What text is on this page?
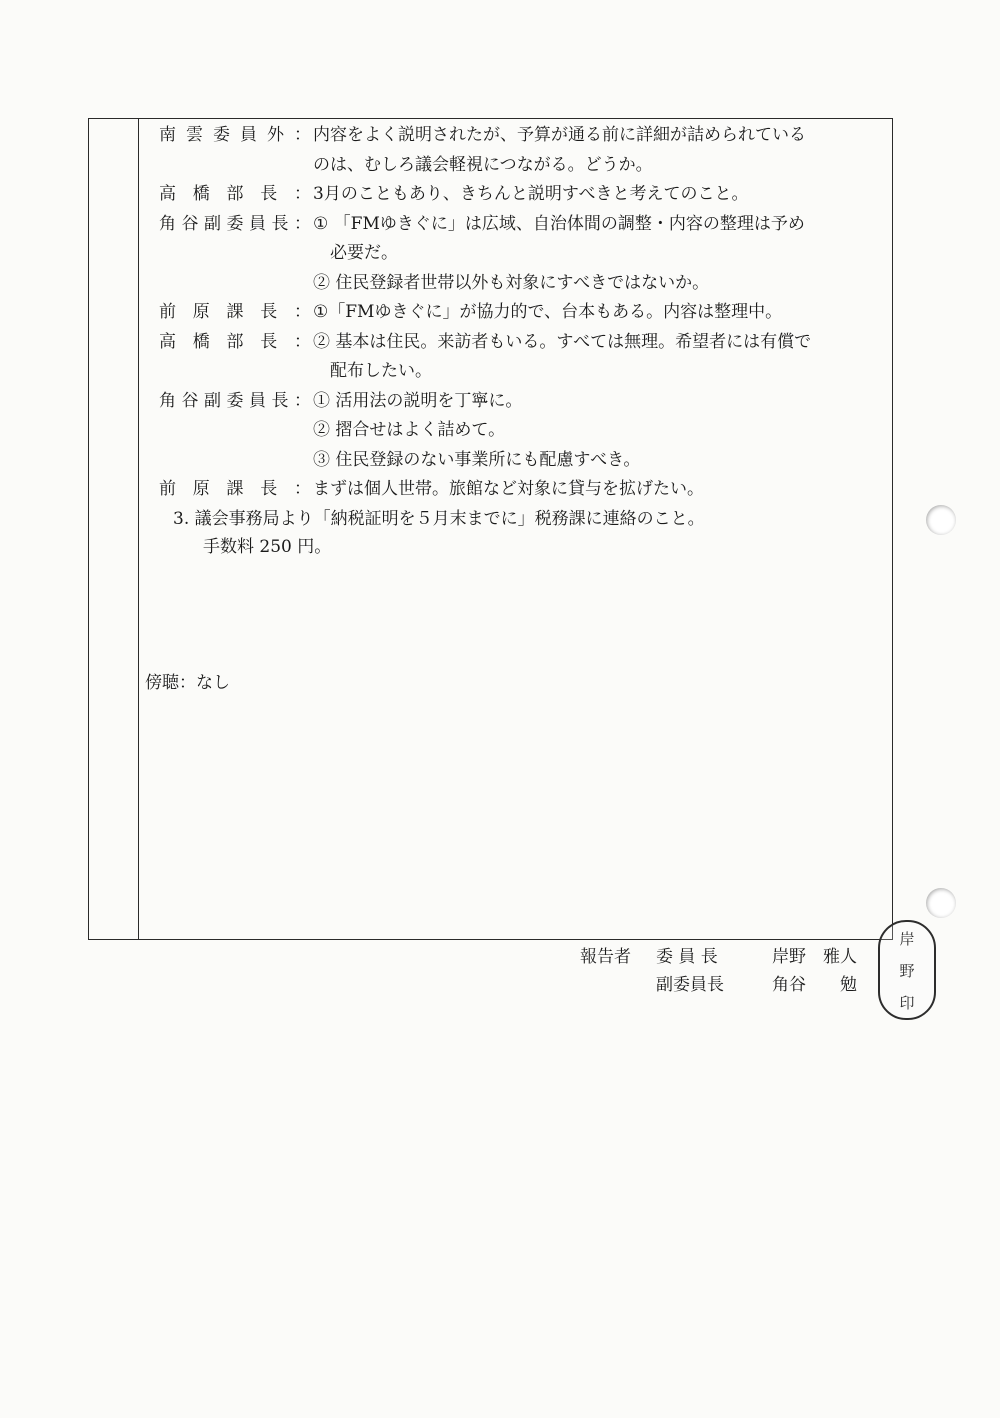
南 雲 委 員 外 ： 内容をよく説明されたが、予算が通る前に詳細が詰められている
のは、むしろ議会軽視につながる。どうか。
高 橋 部 長 ： 3月のこともあり、きちんと説明すべきと考えてのこと。
角 谷 副 委 員 長 ： ① 「FMゆきぐに」は広域、自治体間の調整・内容の整理は予め
　必要だ。
② 住民登録者世帯以外も対象にすべきではないか。
前 原 課 長 ： ①「FMゆきぐに」が協力的で、台本もある。内容は整理中。
高 橋 部 長 ： ② 基本は住民。来訪者もいる。すべては無理。希望者には有償で
　配布したい。
角 谷 副 委 員 長 ： ① 活用法の説明を丁寧に。
② 摺合せはよく詰めて。
③ 住民登録のない事業所にも配慮すべき。
前 原 課 長 ： まずは個人世帯。旅館など対象に貸与を拡げたい。
3. 議会事務局より「納税証明を５月末までに」税務課に連絡のこと。
手数料 250 円。
傍聴：なし
報告者 委 員 長	岸野　雅人
副委員長	角谷　　勉
岸
野
印
